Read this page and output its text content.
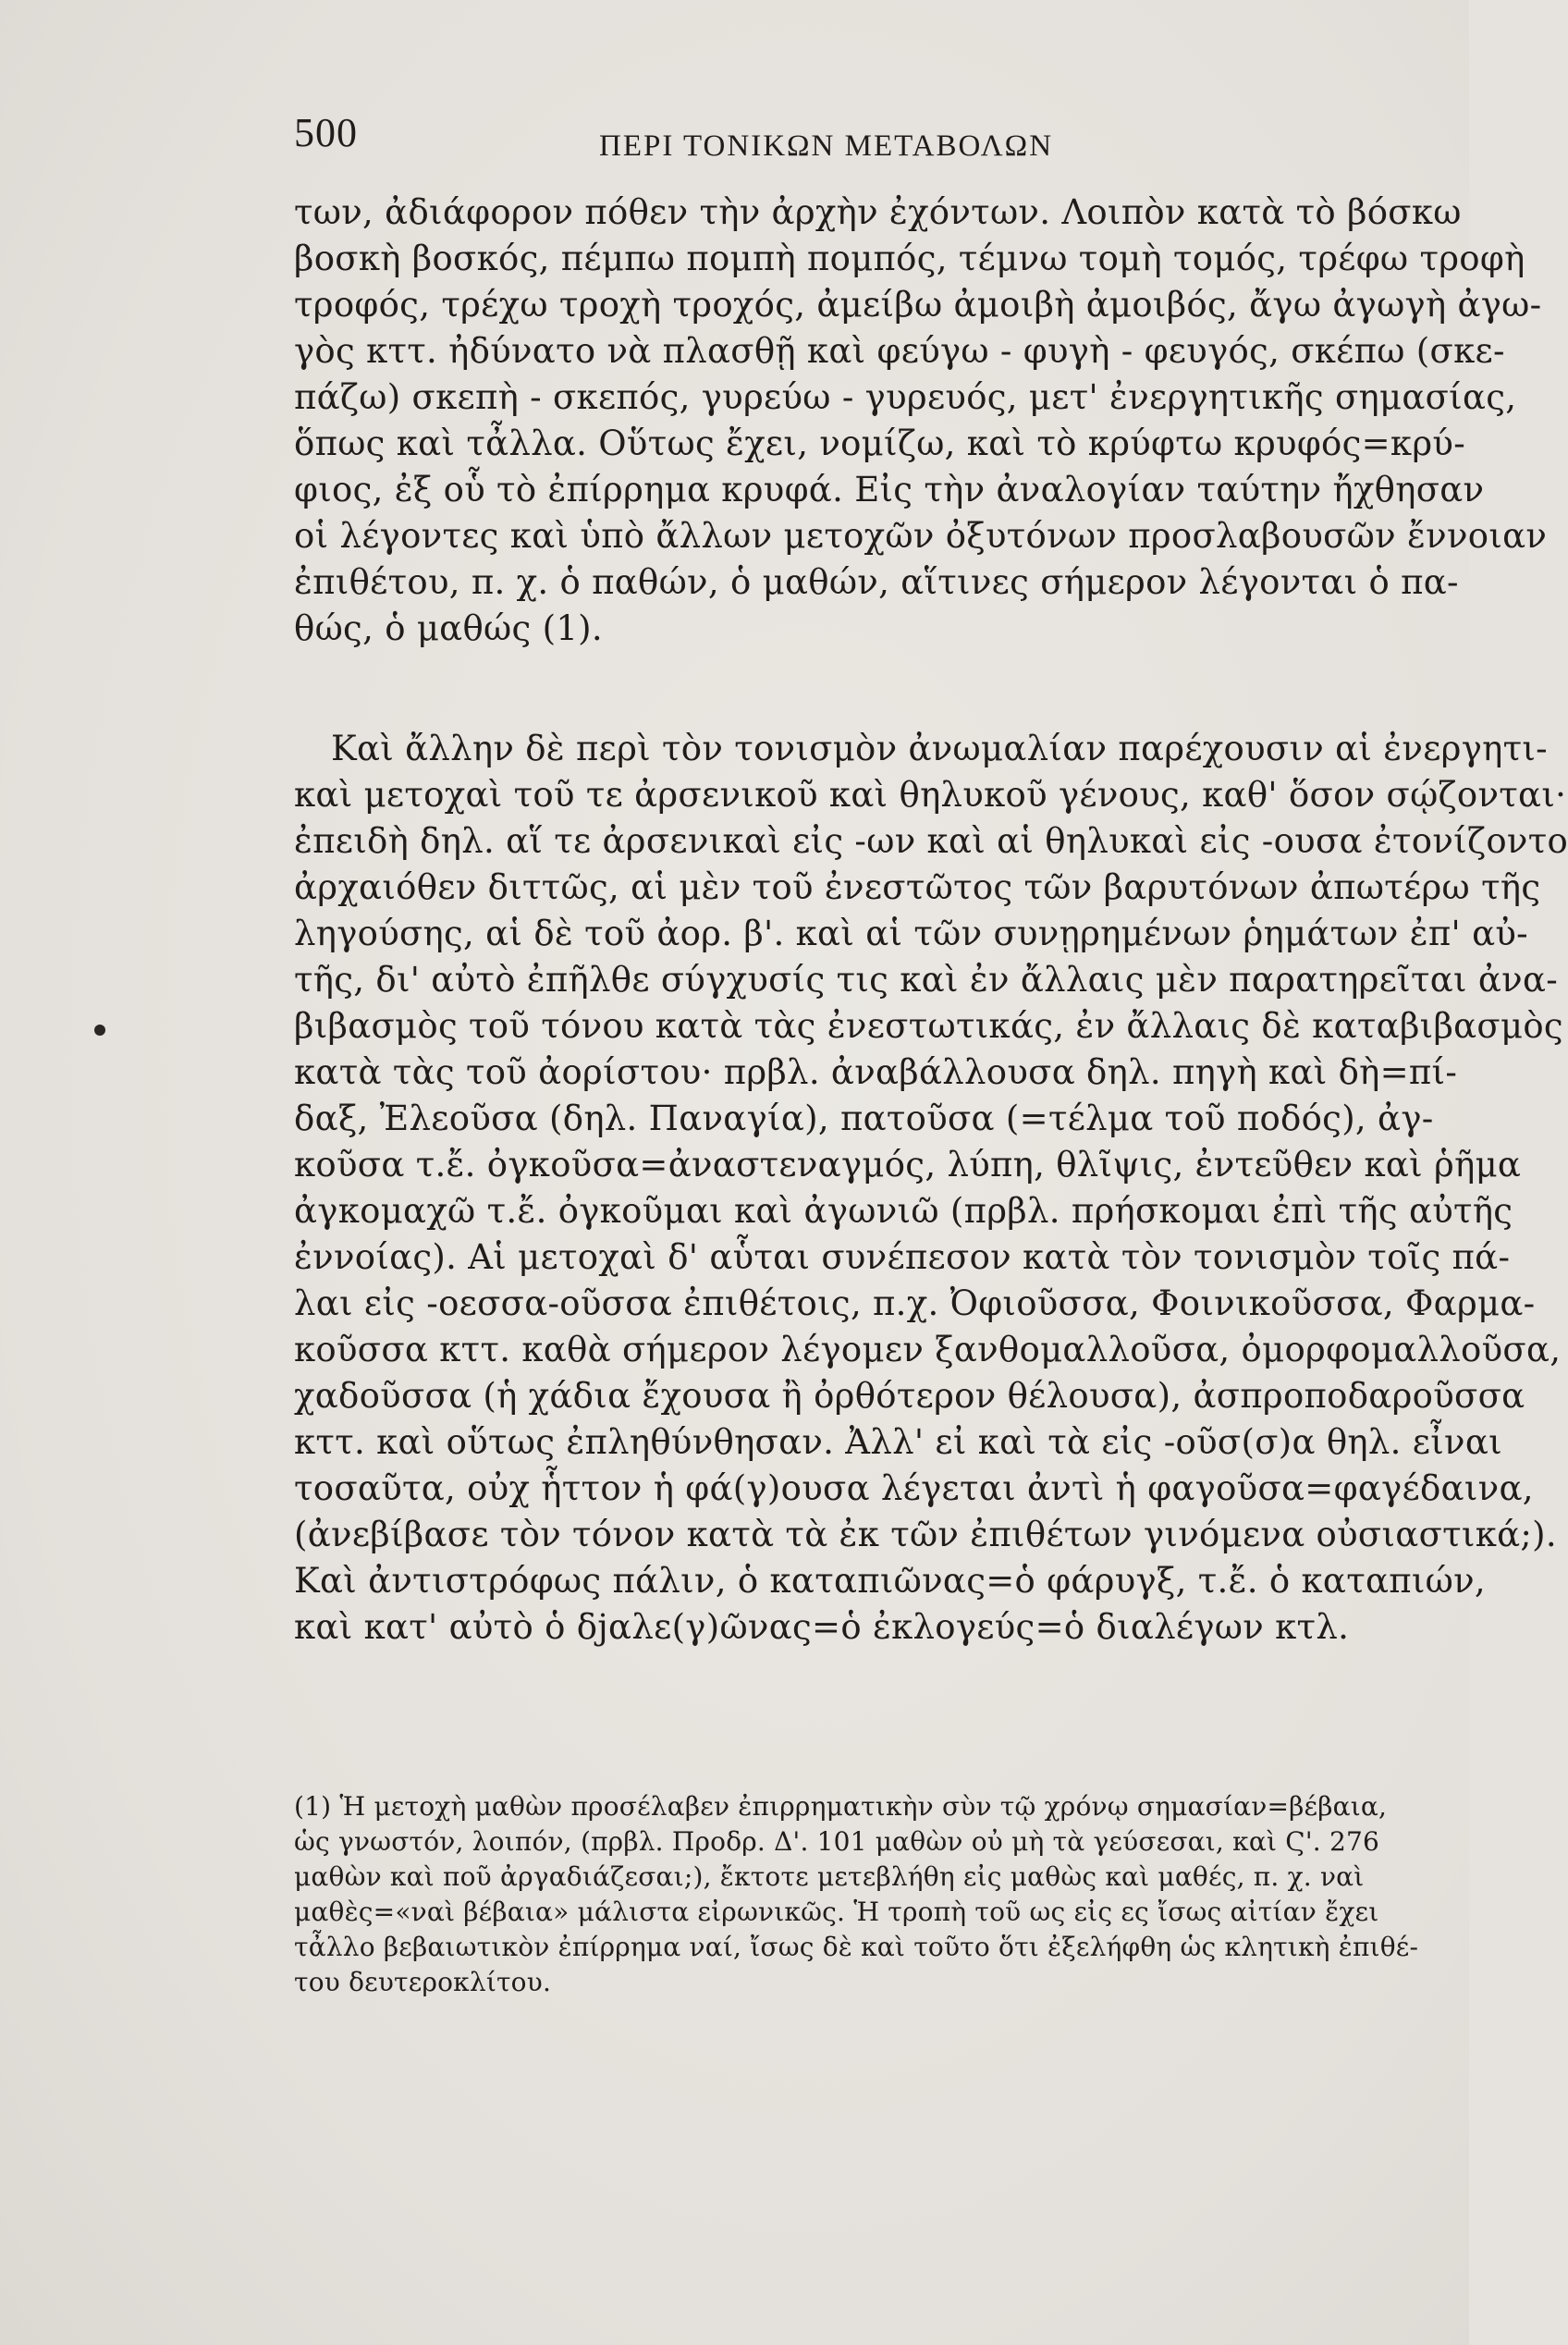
500	ΠΕΡΙ ΤΟΝΙΚΩΝ ΜΕΤΑΒΟΛΩΝ
των, ἀδιάφορον πόθεν τὴν ἀρχὴν ἐχόντων. Λοιπὸν κατὰ τὸ βόσκω
βοσκὴ βοσκός, πέμπω πομπὴ πομπός, τέμνω τομὴ τομός, τρέφω τροφὴ
τροφός, τρέχω τροχὴ τροχός, ἀμείβω ἀμοιβὴ ἀμοιβός, ἄγω ἀγωγὴ ἀγω-
γὸς κττ. ἠδύνατο νὰ πλασθῇ καὶ φεύγω - φυγὴ - φευγός, σκέπω (σκε-
πάζω) σκεπὴ - σκεπός, γυρεύω - γυρευός, μετ' ἐνεργητικῆς σημασίας,
ὅπως καὶ τἆλλα. Οὕτως ἔχει, νομίζω, καὶ τὸ κρύφτω κρυφός=κρύ-
φιος, ἐξ οὗ τὸ ἐπίρρημα κρυφά. Εἰς τὴν ἀναλογίαν ταύτην ἤχθησαν
οἱ λέγοντες καὶ ὑπὸ ἄλλων μετοχῶν ὀξυτόνων προσλαβουσῶν ἔννοιαν
ἐπιθέτου, π. χ. ὁ παθών, ὁ μαθών, αἵτινες σήμερον λέγονται ὁ πα-
θώς, ὁ μαθώς (1).
Καὶ ἄλλην δὲ περὶ τὸν τονισμὸν ἀνωμαλίαν παρέχουσιν αἱ ἐνεργητι-
καὶ μετοχαὶ τοῦ τε ἀρσενικοῦ καὶ θηλυκοῦ γένους, καθ' ὅσον σῴζονται·
ἐπειδὴ δηλ. αἵ τε ἀρσενικαὶ εἰς -ων καὶ αἱ θηλυκαὶ εἰς -ουσα ἐτονίζοντο
ἀρχαιόθεν διττῶς, αἱ μὲν τοῦ ἐνεστῶτος τῶν βαρυτόνων ἀπωτέρω τῆς
ληγούσης, αἱ δὲ τοῦ ἀορ. β'. καὶ αἱ τῶν συνῃρημένων ῥημάτων ἐπ' αὐ-
τῆς, δι' αὐτὸ ἐπῆλθε σύγχυσίς τις καὶ ἐν ἄλλαις μὲν παρατηρεῖται ἀνα-
βιβασμὸς τοῦ τόνου κατὰ τὰς ἐνεστωτικάς, ἐν ἄλλαις δὲ καταβιβασμὸς
κατὰ τὰς τοῦ ἀορίστου· πρβλ. ἀναβάλλουσα δηλ. πηγὴ καὶ δὴ=πί-
δαξ, Ἐλεοῦσα (δηλ. Παναγία), πατοῦσα (=τέλμα τοῦ ποδός), ἀγ-
κοῦσα τ.ἔ. ὀγκοῦσα=ἀναστεναγμός, λύπη, θλῖψις, ἐντεῦθεν καὶ ῥῆμα
ἀγκομαχῶ τ.ἔ. ὀγκοῦμαι καὶ ἀγωνιῶ (πρβλ. πρήσκομαι ἐπὶ τῆς αὐτῆς
ἐννοίας). Αἱ μετοχαὶ δ' αὗται συνέπεσον κατὰ τὸν τονισμὸν τοῖς πά-
λαι εἰς -οεσσα-οῦσσα ἐπιθέτοις, π.χ. Ὀφιοῦσσα, Φοινικοῦσσα, Φαρμα-
κοῦσσα κττ. καθὰ σήμερον λέγομεν ξανθομαλλοῦσα, ὀμορφομαλλοῦσα,
χαδοῦσσα (ἡ χάδια ἔχουσα ἢ ὀρθότερον θέλουσα), ἀσπροποδαροῦσσα
κττ. καὶ οὕτως ἐπληθύνθησαν. Ἀλλ' εἰ καὶ τὰ εἰς -οῦσ(σ)α θηλ. εἶναι
τοσαῦτα, οὐχ ἧττον ἡ φά(γ)ουσα λέγεται ἀντὶ ἡ φαγοῦσα=φαγέδαινα,
(ἀνεβίβασε τὸν τόνον κατὰ τὰ ἐκ τῶν ἐπιθέτων γινόμενα οὐσιαστικά;).
Καὶ ἀντιστρόφως πάλιν, ὁ καταπιῶνας=ὁ φάρυγξ, τ.ἔ. ὁ καταπιών,
καὶ κατ' αὐτὸ ὁ δjαλε(γ)ῶνας=ὁ ἐκλογεύς=ὁ διαλέγων κτλ.
(1) Ἡ μετοχὴ μαθὼν προσέλαβεν ἐπιρρηματικὴν σὺν τῷ χρόνῳ σημασίαν=βέβαια,
ὡς γνωστόν, λοιπόν, (πρβλ. Προδρ. Δ'. 101 μαθὼν οὐ μὴ τὰ γεύσεσαι, καὶ Ϛ'. 276
μαθὼν καὶ ποῦ ἀργαδιάζεσαι;), ἔκτοτε μετεβλήθη εἰς μαθὼς καὶ μαθές, π. χ. ναὶ
μαθὲς=«ναὶ βέβαια» μάλιστα εἰρωνικῶς. Ἡ τροπὴ τοῦ ως εἰς ες ἴσως αἰτίαν ἔχει
τἆλλο βεβαιωτικὸν ἐπίρρημα ναί, ἴσως δὲ καὶ τοῦτο ὅτι ἐξελήφθη ὡς κλητικὴ ἐπιθέ-
του δευτεροκλίτου.
